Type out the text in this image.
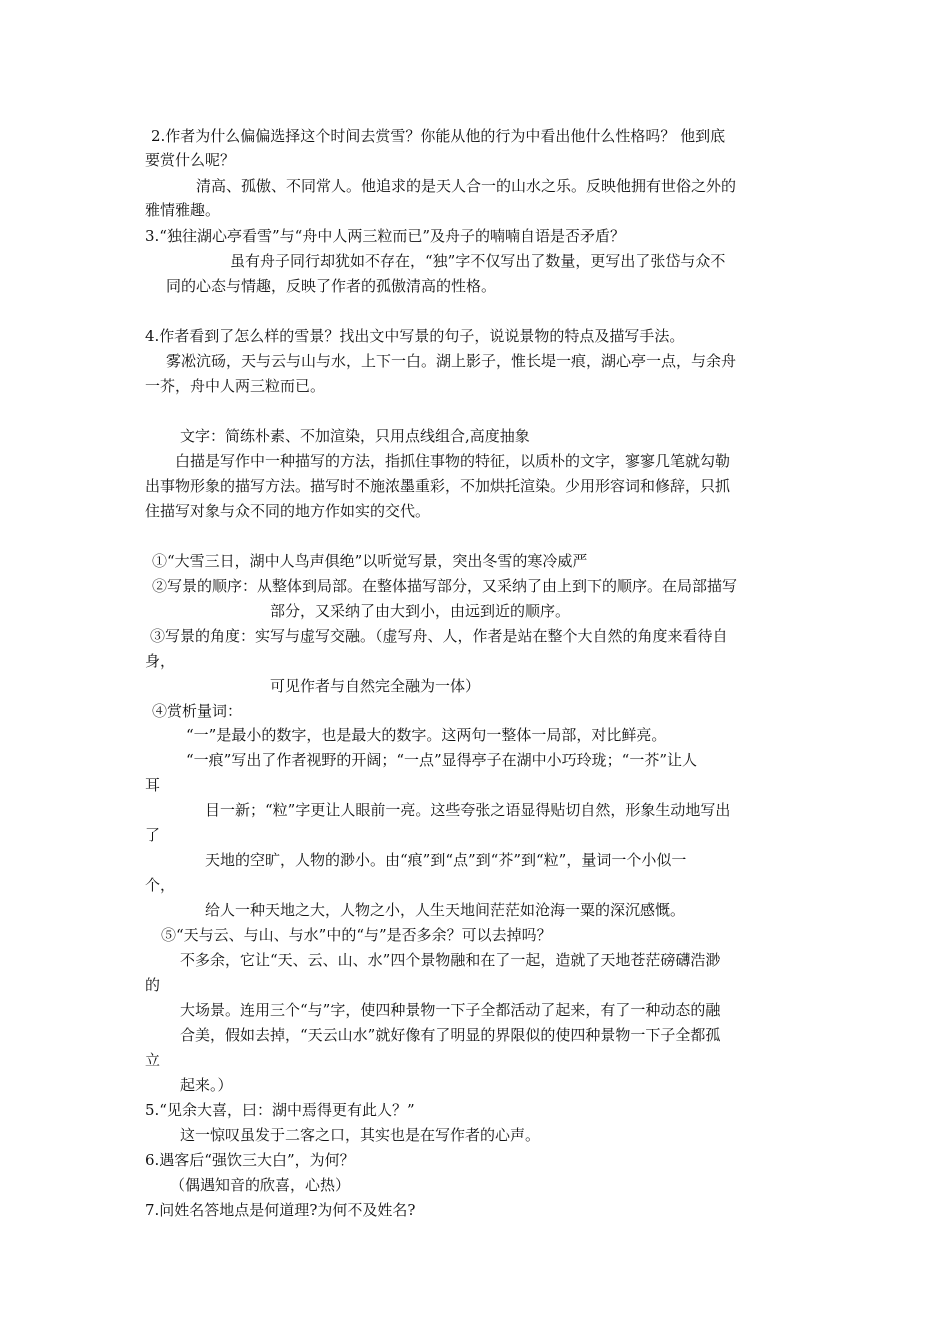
2.作者为什么偏偏选择这个时间去赏雪？你能从他的行为中看出他什么性格吗？ 他到底
要赏什么呢？
清高、孤傲、不同常人。他追求的是天人合一的山水之乐。反映他拥有世俗之外的
雅情雅趣。
3.“独往湖心亭看雪”与“舟中人两三粒而已”及舟子的喃喃自语是否矛盾？
虽有舟子同行却犹如不存在，“独”字不仅写出了数量，更写出了张岱与众不
同的心态与情趣，反映了作者的孤傲清高的性格。
4.作者看到了怎么样的雪景？找出文中写景的句子，说说景物的特点及描写手法。
雾凇沆砀，天与云与山与水，上下一白。湖上影子，惟长堤一痕，湖心亭一点，与余舟
一芥，舟中人两三粒而已。
文字：简练朴素、不加渲染，只用点线组合,高度抽象
白描是写作中一种描写的方法，指抓住事物的特征，以质朴的文字，寥寥几笔就勾勒
出事物形象的描写方法。描写时不施浓墨重彩，不加烘托渲染。少用形容词和修辞，只抓
住描写对象与众不同的地方作如实的交代。
①“大雪三日，湖中人鸟声俱绝”以听觉写景，突出冬雪的寒冷威严
②写景的顺序：从整体到局部。在整体描写部分，又采纳了由上到下的顺序。在局部描写
部分，又采纳了由大到小，由远到近的顺序。
③写景的角度：实写与虚写交融。（虚写舟、人，作者是站在整个大自然的角度来看待自
身，
可见作者与自然完全融为一体）
④赏析量词：
“一”是最小的数字，也是最大的数字。这两句一整体一局部，对比鲜亮。
“一痕”写出了作者视野的开阔；“一点”显得亭子在湖中小巧玲珑；“一芥”让人
耳
目一新；“粒”字更让人眼前一亮。这些夸张之语显得贴切自然，形象生动地写出
了
天地的空旷，人物的渺小。由“痕”到“点”到“芥”到“粒”，量词一个小似一
个，
给人一种天地之大，人物之小，人生天地间茫茫如沧海一粟的深沉感慨。
⑤“天与云、与山、与水”中的“与”是否多余？可以去掉吗？
不多余，它让“天、云、山、水”四个景物融和在了一起，造就了天地苍茫磅礴浩渺
的
大场景。连用三个“与”字，使四种景物一下子全都活动了起来，有了一种动态的融
合美，假如去掉，“天云山水”就好像有了明显的界限似的使四种景物一下子全都孤
立
起来。）
5.“见余大喜，曰：湖中焉得更有此人？”
这一惊叹虽发于二客之口，其实也是在写作者的心声。
6.遇客后“强饮三大白”，为何？
（偶遇知音的欣喜，心热）
7.问姓名答地点是何道理?为何不及姓名?
